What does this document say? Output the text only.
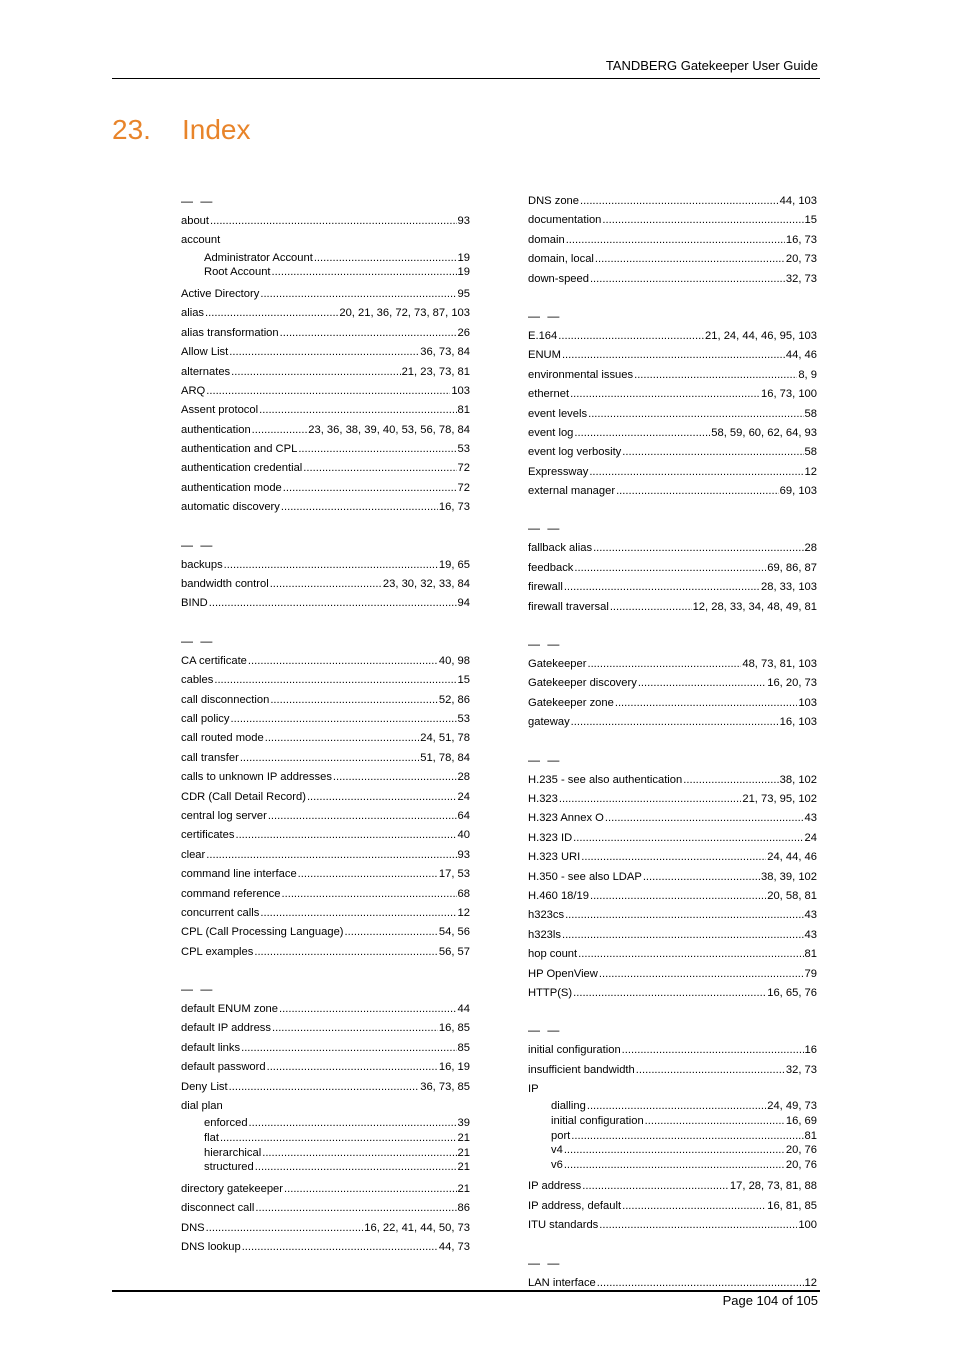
TANDBERG Gatekeeper User Guide
23. Index
— —
about .....	93
account
Administrator Account .....	19
Root Account .....	19
Active Directory .....	95
alias .....	20, 21, 36, 72, 73, 87, 103
alias transformation .....	26
Allow List .....	36, 73, 84
alternates .....	21, 23, 73, 81
ARQ .....	103
Assent protocol .....	81
authentication .....	23, 36, 38, 39, 40, 53, 56, 78, 84
authentication and CPL .....	53
authentication credential .....	72
authentication mode .....	72
automatic discovery .....	16, 73
— —
backups .....	19, 65
bandwidth control .....	23, 30, 32, 33, 84
BIND .....	94
— —
CA certificate .....	40, 98
cables .....	15
call disconnection .....	52, 86
call policy .....	53
call routed mode .....	24, 51, 78
call transfer .....	51, 78, 84
calls to unknown IP addresses .....	28
CDR (Call Detail Record) .....	24
central log server .....	64
certificates .....	40
clear .....	93
command line interface .....	17, 53
command reference .....	68
concurrent calls .....	12
CPL (Call Processing Language) .....	54, 56
CPL examples .....	56, 57
— —
default ENUM zone .....	44
default IP address .....	16, 85
default links .....	85
default password .....	16, 19
Deny List .....	36, 73, 85
dial plan
enforced .....	39
flat .....	21
hierarchical .....	21
structured .....	21
directory gatekeeper .....	21
disconnect call .....	86
DNS .....	16, 22, 41, 44, 50, 73
DNS lookup .....	44, 73
DNS zone .....	44, 103
documentation .....	15
domain .....	16, 73
domain, local .....	20, 73
down-speed .....	32, 73
— —
E.164 .....	21, 24, 44, 46, 95, 103
ENUM .....	44, 46
environmental issues .....	8, 9
ethernet .....	16, 73, 100
event levels .....	58
event log .....	58, 59, 60, 62, 64, 93
event log verbosity .....	58
Expressway .....	12
external manager .....	69, 103
— —
fallback alias .....	28
feedback .....	69, 86, 87
firewall .....	28, 33, 103
firewall traversal .....	12, 28, 33, 34, 48, 49, 81
— —
Gatekeeper .....	48, 73, 81, 103
Gatekeeper discovery .....	16, 20, 73
Gatekeeper zone .....	103
gateway .....	16, 103
— —
H.235 - see also authentication .....	38, 102
H.323 .....	21, 73, 95, 102
H.323 Annex O .....	43
H.323 ID .....	24
H.323 URI .....	24, 44, 46
H.350 - see also LDAP .....	38, 39, 102
H.460 18/19 .....	20, 58, 81
h323cs .....	43
h323ls .....	43
hop count .....	81
HP OpenView .....	79
HTTP(S) .....	16, 65, 76
— —
initial configuration .....	16
insufficient bandwidth .....	32, 73
IP
dialling .....	24, 49, 73
initial configuration .....	16, 69
port .....	81
v4 .....	20, 76
v6 .....	20, 76
IP address .....	17, 28, 73, 81, 88
IP address, default .....	16, 81, 85
ITU standards .....	100
— —
LAN interface .....	12
Page 104 of 105
